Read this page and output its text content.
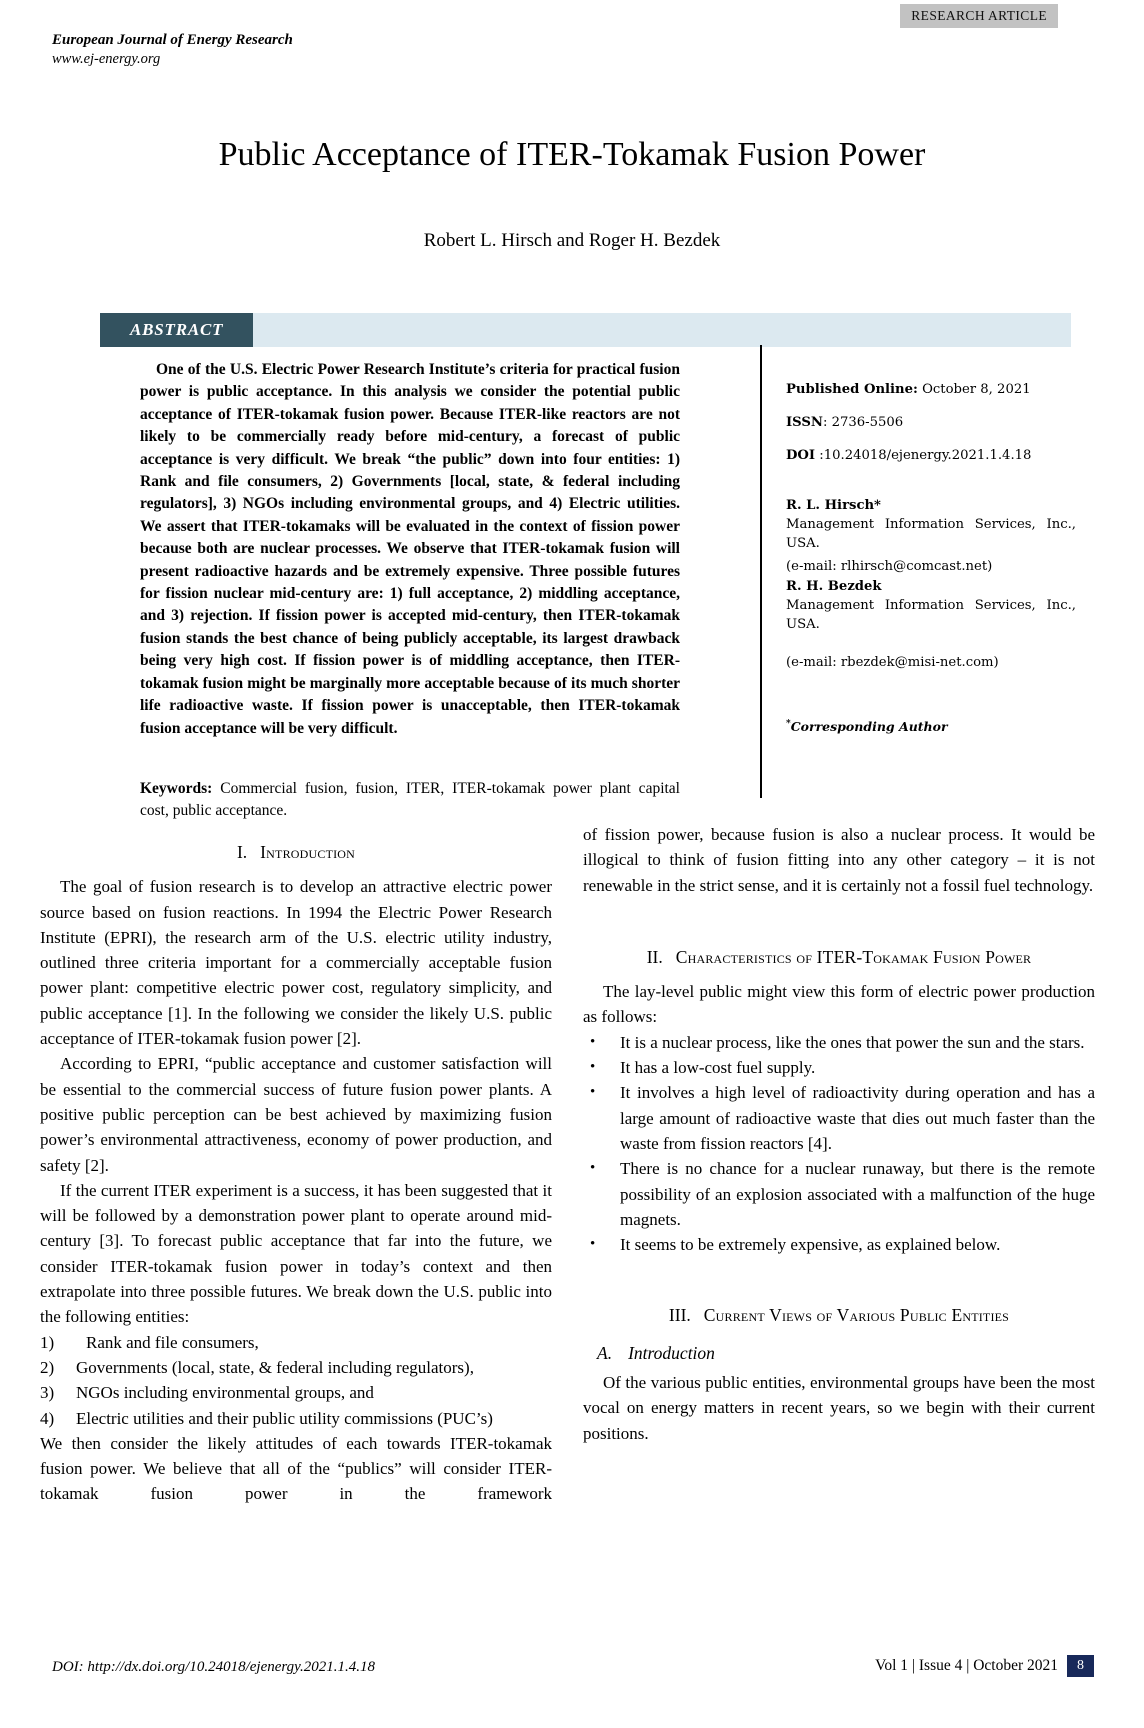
RESEARCH ARTICLE
European Journal of Energy Research
www.ej-energy.org
Public Acceptance of ITER-Tokamak Fusion Power
Robert L. Hirsch and Roger H. Bezdek
ABSTRACT
One of the U.S. Electric Power Research Institute’s criteria for practical fusion power is public acceptance. In this analysis we consider the potential public acceptance of ITER-tokamak fusion power. Because ITER-like reactors are not likely to be commercially ready before mid-century, a forecast of public acceptance is very difficult. We break “the public” down into four entities: 1) Rank and file consumers, 2) Governments [local, state, & federal including regulators], 3) NGOs including environmental groups, and 4) Electric utilities. We assert that ITER-tokamaks will be evaluated in the context of fission power because both are nuclear processes. We observe that ITER-tokamak fusion will present radioactive hazards and be extremely expensive. Three possible futures for fission nuclear mid-century are: 1) full acceptance, 2) middling acceptance, and 3) rejection. If fission power is accepted mid-century, then ITER-tokamak fusion stands the best chance of being publicly acceptable, its largest drawback being very high cost. If fission power is of middling acceptance, then ITER-tokamak fusion might be marginally more acceptable because of its much shorter life radioactive waste. If fission power is unacceptable, then ITER-tokamak fusion acceptance will be very difficult.

Keywords: Commercial fusion, fusion, ITER, ITER-tokamak power plant capital cost, public acceptance.

Published Online: October 8, 2021
ISSN: 2736-5506
DOI :10.24018/ejenergy.2021.1.4.18
R. L. Hirsch*
Management Information Services, Inc., USA.
(e-mail: rlhirsch@comcast.net)
R. H. Bezdek
Management Information Services, Inc., USA.
(e-mail: rbezdek@misi-net.com)
*Corresponding Author
I. Introduction

The goal of fusion research is to develop an attractive electric power source based on fusion reactions. In 1994 the Electric Power Research Institute (EPRI), the research arm of the U.S. electric utility industry, outlined three criteria important for a commercially acceptable fusion power plant: competitive electric power cost, regulatory simplicity, and public acceptance [1]. In the following we consider the likely U.S. public acceptance of ITER-tokamak fusion power [2].

According to EPRI, “public acceptance and customer satisfaction will be essential to the commercial success of future fusion power plants. A positive public perception can be best achieved by maximizing fusion power’s environmental attractiveness, economy of power production, and safety [2].

If the current ITER experiment is a success, it has been suggested that it will be followed by a demonstration power plant to operate around mid-century [3]. To forecast public acceptance that far into the future, we consider ITER-tokamak fusion power in today’s context and then extrapolate into three possible futures. We break down the U.S. public into the following entities:

1)	Rank and file consumers,
2)	Governments (local, state, & federal including regulators),
3)	NGOs including environmental groups, and
4)	Electric utilities and their public utility commissions (PUC’s)

We then consider the likely attitudes of each towards ITER-tokamak fusion power. We believe that all of the “publics” will consider ITER-tokamak fusion power in the framework

of fission power, because fusion is also a nuclear process. It would be illogical to think of fusion fitting into any other category – it is not renewable in the strict sense, and it is certainly not a fossil fuel technology.

II. Characteristics of ITER-Tokamak Fusion Power

The lay-level public might view this form of electric power production as follows:

•	It is a nuclear process, like the ones that power the sun and the stars.
•	It has a low-cost fuel supply.
•	It involves a high level of radioactivity during operation and has a large amount of radioactive waste that dies out much faster than the waste from fission reactors [4].
•	There is no chance for a nuclear runaway, but there is the remote possibility of an explosion associated with a malfunction of the huge magnets.
•	It seems to be extremely expensive, as explained below.
III. Current Views of Various Public Entities
A. Introduction

Of the various public entities, environmental groups have been the most vocal on energy matters in recent years, so we begin with their current positions.

DOI: http://dx.doi.org/10.24018/ejenergy.2021.1.4.18	Vol 1 | Issue 4 | October 2021	8
